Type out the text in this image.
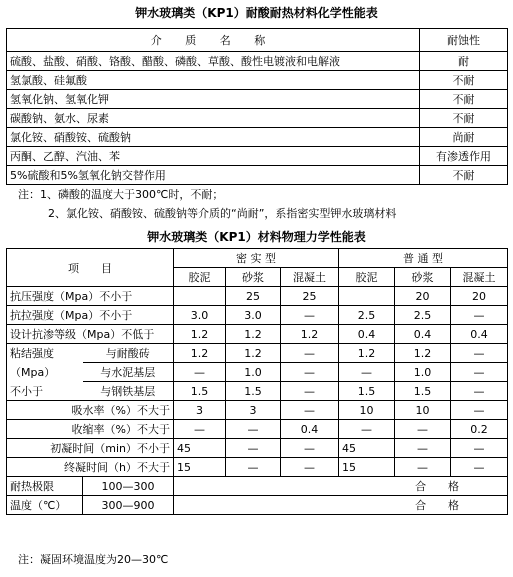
钾水玻璃类（KP1）耐酸耐热材料化学性能表
介 质 名 称	耐蚀性
硫酸、盐酸、硝酸、铬酸、醋酸、磷酸、草酸、酸性电镀液和电解液	耐
氢氯酸、硅氟酸	不耐
氢氧化钠、氢氧化钾	不耐
碳酸钠、氨水、尿素	不耐
氯化铵、硝酸铵、硫酸钠	尚耐
丙酮、乙醇、汽油、苯	有渗透作用
5%硫酸和5%氢氧化钠交替作用	不耐
注：1、磷酸的温度大于300℃时，不耐；
2、氯化铵、硝酸铵、硫酸钠等介质的“尚耐”，系指密实型钾水玻璃材料
钾水玻璃类（KP1）材料物理力学性能表
项　　目		密 实 型			普 通 型		
		胶泥	砂浆	混凝土	胶泥	砂浆	混凝土
抗压强度（Mpa）不小于			25	25		20	20
抗拉强度（Mpa）不小于		3.0	3.0	—	2.5	2.5	—
设计抗渗等级（Mpa）不低于		1.2	1.2	1.2	0.4	0.4	0.4
粘结强度	与耐酸砖	1.2	1.2	—	1.2	1.2	—
（Mpa）	与水泥基层	—	1.0	—	—	1.0	—
不小于	与钢铁基层	1.5	1.5	—	1.5	1.5	—
吸水率（%）不大于		3	3	—	10	10	—
收缩率（%）不大于		—	—	0.4	—	—	0.2
初凝时间（min）不小于		45	—	—	45	—	—
终凝时间（h）不大于		15	—	—	15	—	—
耐热极限	100—300	合　　格					
温度（℃）	300—900	合　　格					
注：凝固环境温度为20—30℃
